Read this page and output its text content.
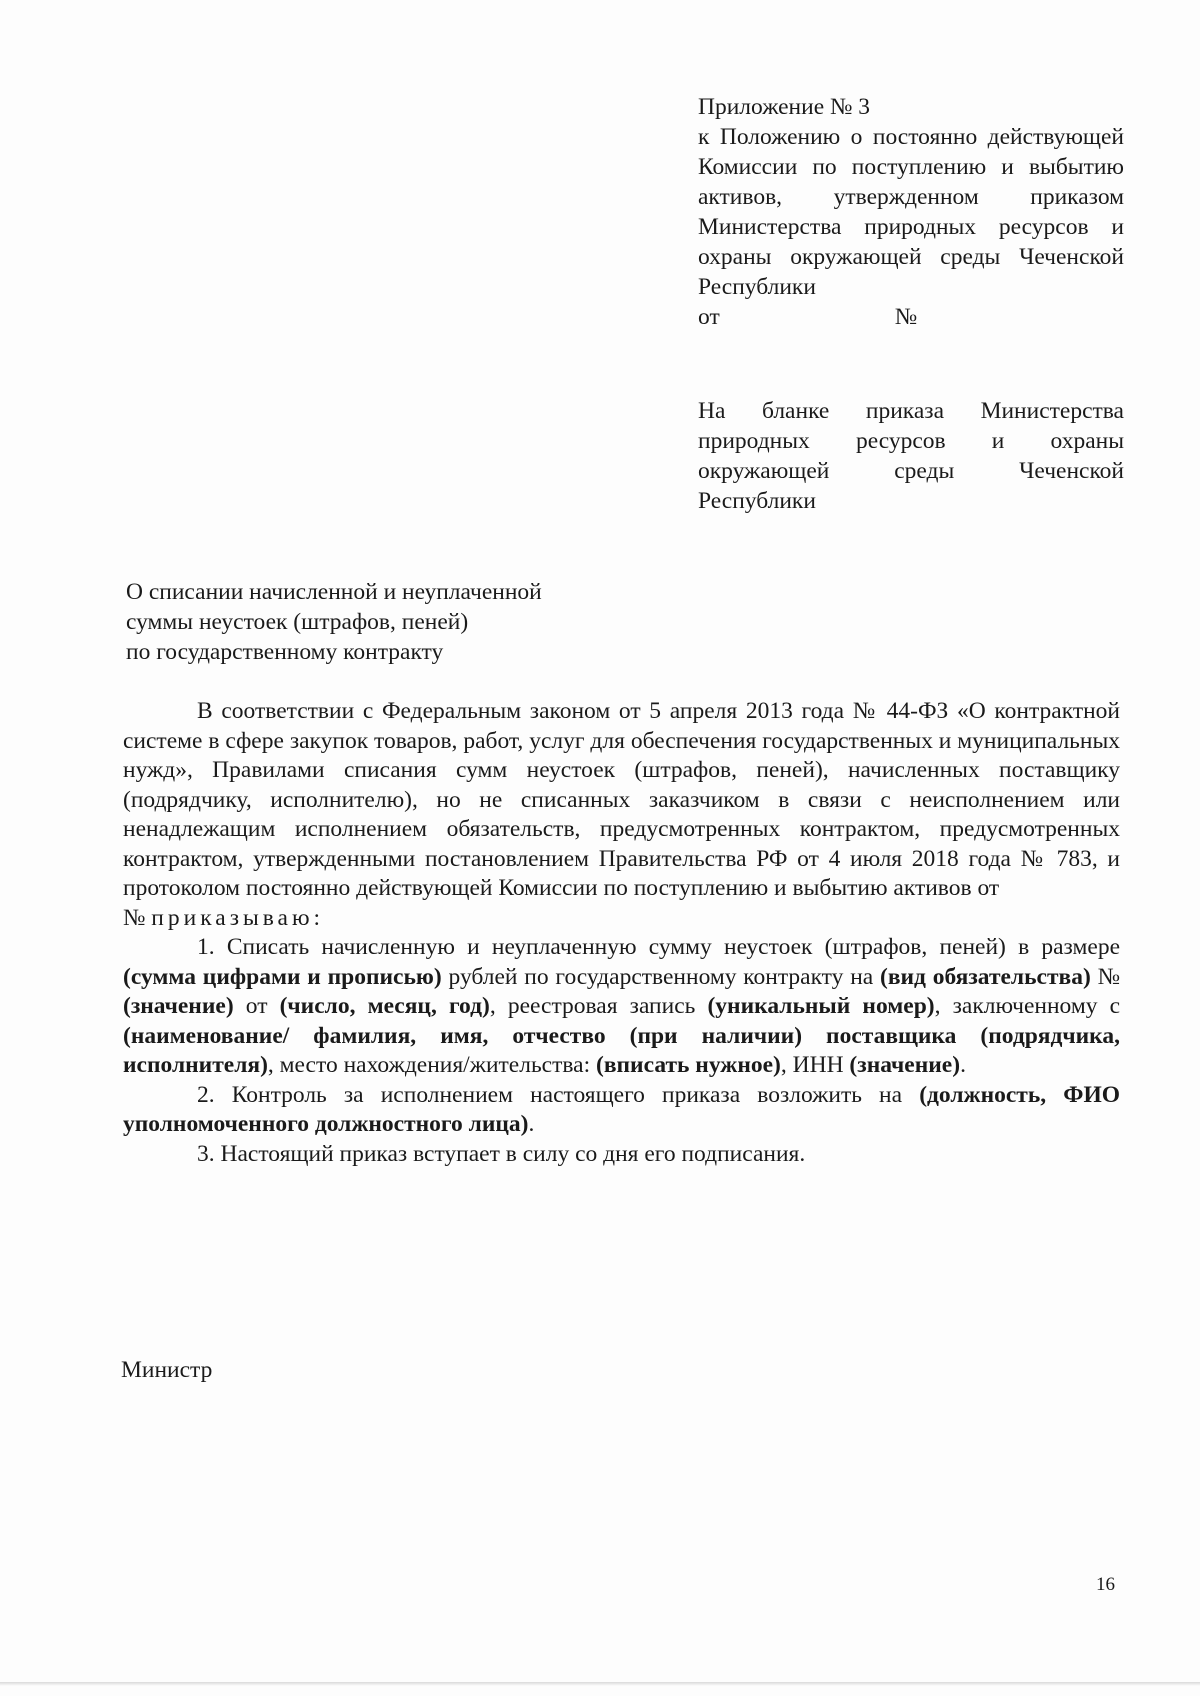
Приложение № 3
к Положению о постоянно действующей Комиссии по поступлению и выбытию активов, утвержденном приказом Министерства природных ресурсов и охраны окружающей среды Чеченской Республики
от	№
На бланке приказа Министерства природных ресурсов и охраны окружающей среды Чеченской Республики
О списании начисленной и неуплаченной
суммы неустоек (штрафов, пеней)
по государственному контракту

В соответствии с Федеральным законом от 5 апреля 2013 года № 44-ФЗ «О контрактной системе в сфере закупок товаров, работ, услуг для обеспечения государственных и муниципальных нужд», Правилами списания сумм неустоек (штрафов, пеней), начисленных поставщику (подрядчику, исполнителю), но не списанных заказчиком в связи с неисполнением или ненадлежащим исполнением обязательств, предусмотренных контрактом, предусмотренных контрактом, утвержденными постановлением Правительства РФ от 4 июля 2018 года № 783, и протоколом постоянно действующей Комиссии по поступлению и выбытию активов от
№ приказываю:

1. Списать начисленную и неуплаченную сумму неустоек (штрафов, пеней) в размере (сумма цифрами и прописью) рублей по государственному контракту на (вид обязательства) № (значение) от (число, месяц, год), реестровая запись (уникальный номер), заключенному с (наименование/ фамилия, имя, отчество (при наличии) поставщика (подрядчика, исполнителя), место нахождения/жительства: (вписать нужное), ИНН (значение).

2. Контроль за исполнением настоящего приказа возложить на (должность, ФИО уполномоченного должностного лица).

3. Настоящий приказ вступает в силу со дня его подписания.

Министр
16
